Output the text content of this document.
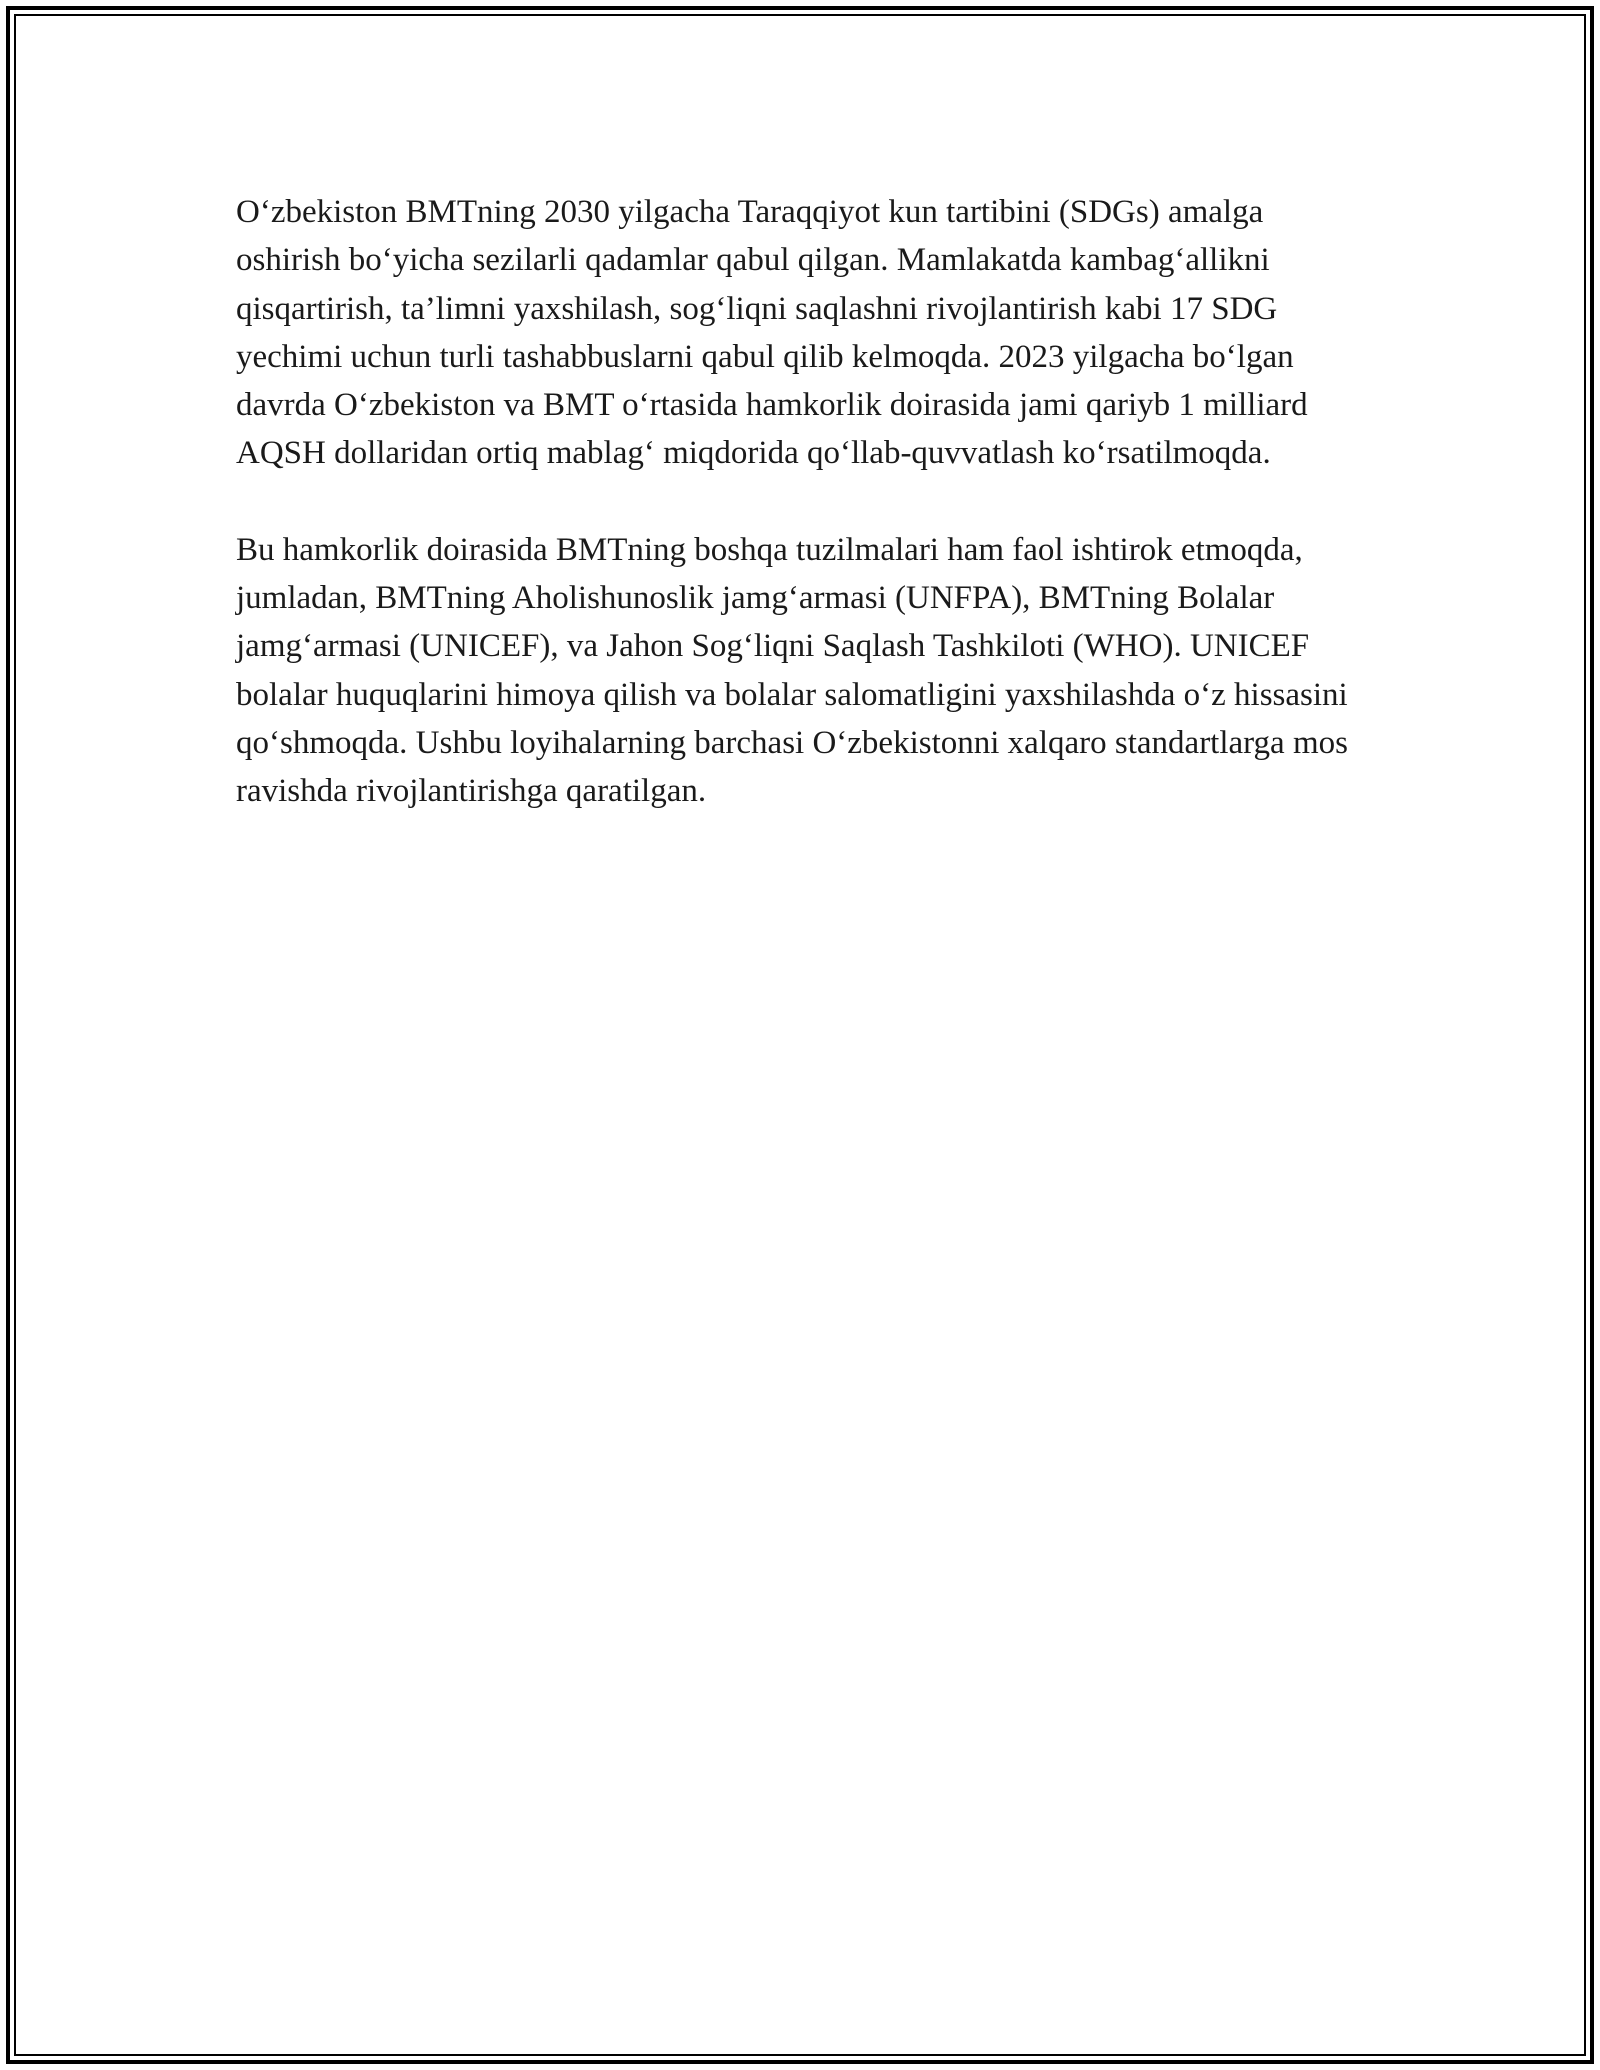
O‘zbekiston BMTning 2030 yilgacha Taraqqiyot kun tartibini (SDGs) amalga oshirish bo‘yicha sezilarli qadamlar qabul qilgan. Mamlakatda kambag‘allikni qisqartirish, ta’limni yaxshilash, sog‘liqni saqlashni rivojlantirish kabi 17 SDG yechimi uchun turli tashabbuslarni qabul qilib kelmoqda. 2023 yilgacha bo‘lgan davrda O‘zbekiston va BMT o‘rtasida hamkorlik doirasida jami qariyb 1 milliard AQSH dollaridan ortiq mablag‘ miqdorida qo‘llab-quvvatlash ko‘rsatilmoqda.

Bu hamkorlik doirasida BMTning boshqa tuzilmalari ham faol ishtirok etmoqda, jumladan, BMTning Aholishunoslik jamg‘armasi (UNFPA), BMTning Bolalar jamg‘armasi (UNICEF), va Jahon Sog‘liqni Saqlash Tashkiloti (WHO). UNICEF bolalar huquqlarini himoya qilish va bolalar salomatligini yaxshilashda o‘z hissasini qo‘shmoqda. Ushbu loyihalarning barchasi O‘zbekistonni xalqaro standartlarga mos ravishda rivojlantirishga qaratilgan.
